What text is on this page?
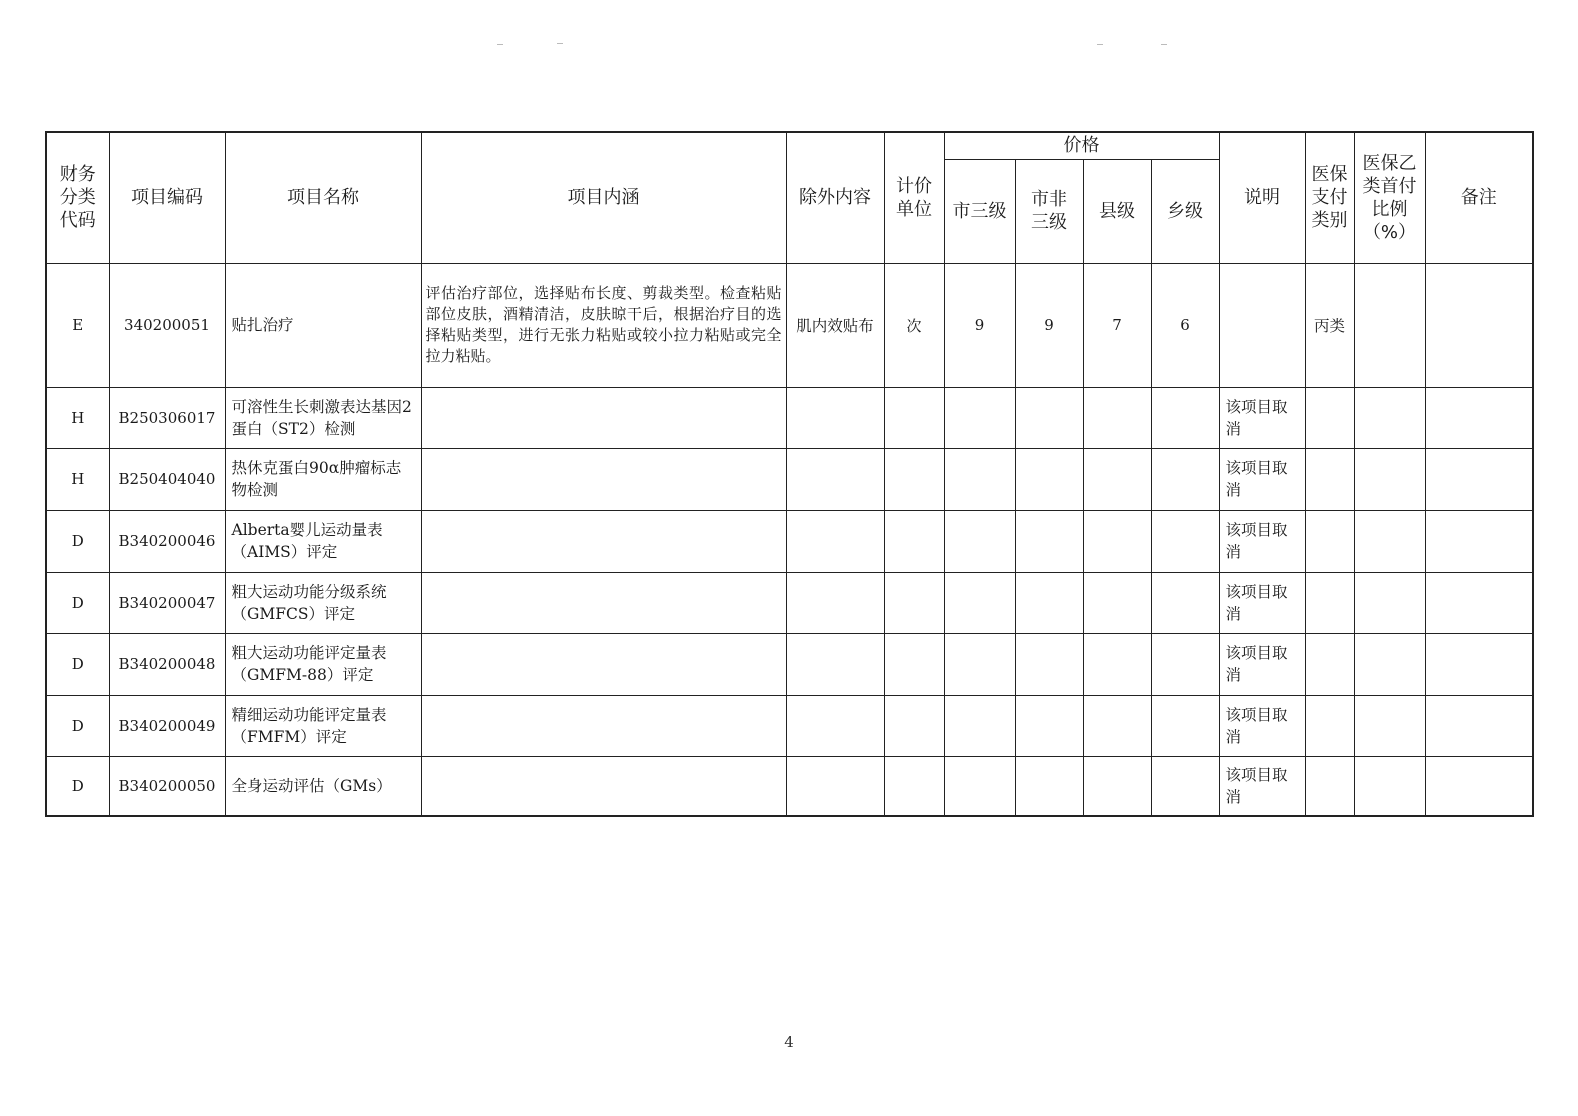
财务分类代码	项目编码	项目名称	项目内涵	除外内容	计价单位	价格				说明	医保支付类别	医保乙类首付比例（%）	备注
						市三级	市非三级	县级	乡级				
E	340200051	贴扎治疗	评估治疗部位，选择贴布长度、剪裁类型。检查粘贴部位皮肤，酒精清洁，皮肤晾干后，根据治疗目的选择粘贴类型，进行无张力粘贴或较小拉力粘贴或完全拉力粘贴。	肌内效贴布	次	9	9	7	6		丙类		
H	B250306017	可溶性生长刺激表达基因2蛋白（ST2）检测								该项目取消			
H	B250404040	热休克蛋白90α肿瘤标志物检测								该项目取消			
D	B340200046	Alberta婴儿运动量表（AIMS）评定								该项目取消			
D	B340200047	粗大运动功能分级系统（GMFCS）评定								该项目取消			
D	B340200048	粗大运动功能评定量表（GMFM-88）评定								该项目取消			
D	B340200049	精细运动功能评定量表（FMFM）评定								该项目取消			
D	B340200050	全身运动评估（GMs）								该项目取消			
4
